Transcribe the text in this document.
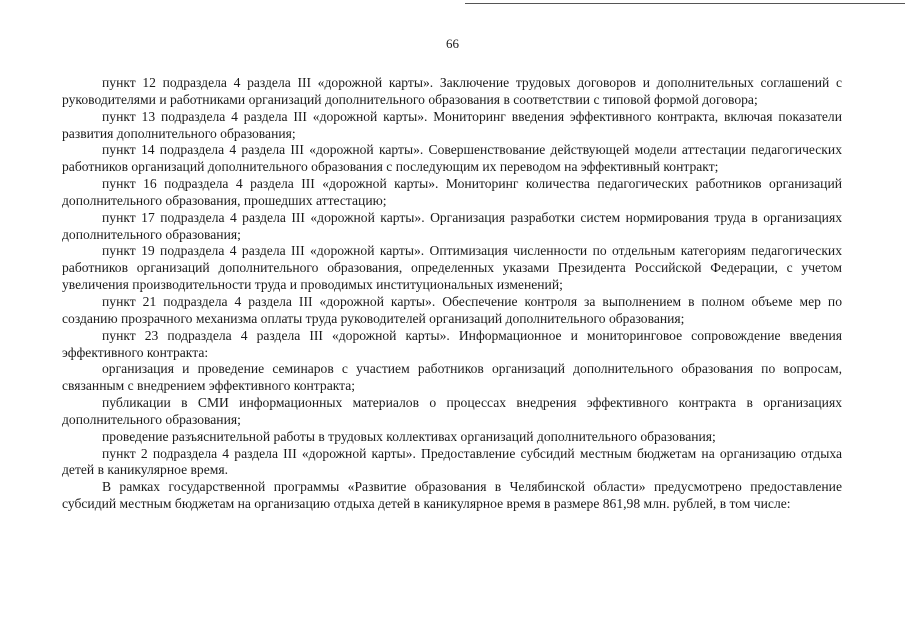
66

пункт 12 подраздела 4 раздела III «дорожной карты». Заключение трудовых договоров и дополнительных соглашений с руководителями и работниками организаций дополнительного образования в соответствии с типовой формой договора;

пункт 13 подраздела 4 раздела III «дорожной карты». Мониторинг введения эффективного контракта, включая показатели развития дополнительного образования;

пункт 14 подраздела 4 раздела III «дорожной карты». Совершенствование действующей модели аттестации педагогических работников организаций дополнительного образования с последующим их переводом на эффективный контракт;

пункт 16 подраздела 4 раздела III «дорожной карты». Мониторинг количества педагогических работников организаций дополнительного образования, прошедших аттестацию;

пункт 17 подраздела 4 раздела III «дорожной карты». Организация разработки систем нормирования труда в организациях дополнительного образования;

пункт 19 подраздела 4 раздела III «дорожной карты». Оптимизация численности по отдельным категориям педагогических работников организаций дополнительного образования, определенных указами Президента Российской Федерации, с учетом увеличения производительности труда и проводимых институциональных изменений;

пункт 21 подраздела 4 раздела III «дорожной карты». Обеспечение контроля за выполнением в полном объеме мер по созданию прозрачного механизма оплаты труда руководителей организаций дополнительного образования;

пункт 23 подраздела 4 раздела III «дорожной карты». Информационное и мониторинговое сопровождение введения эффективного контракта:

организация и проведение семинаров с участием работников организаций дополнительного образования по вопросам, связанным с внедрением эффективного контракта;

публикации в СМИ информационных материалов о процессах внедрения эффективного контракта в организациях дополнительного образования;

проведение разъяснительной работы в трудовых коллективах организаций дополнительного образования;

пункт 2 подраздела 4 раздела III «дорожной карты». Предоставление субсидий местным бюджетам на организацию отдыха детей в каникулярное время.

В рамках государственной программы «Развитие образования в Челябинской области» предусмотрено предоставление субсидий местным бюджетам на организацию отдыха детей в каникулярное время в размере 861,98 млн. рублей, в том числе:
